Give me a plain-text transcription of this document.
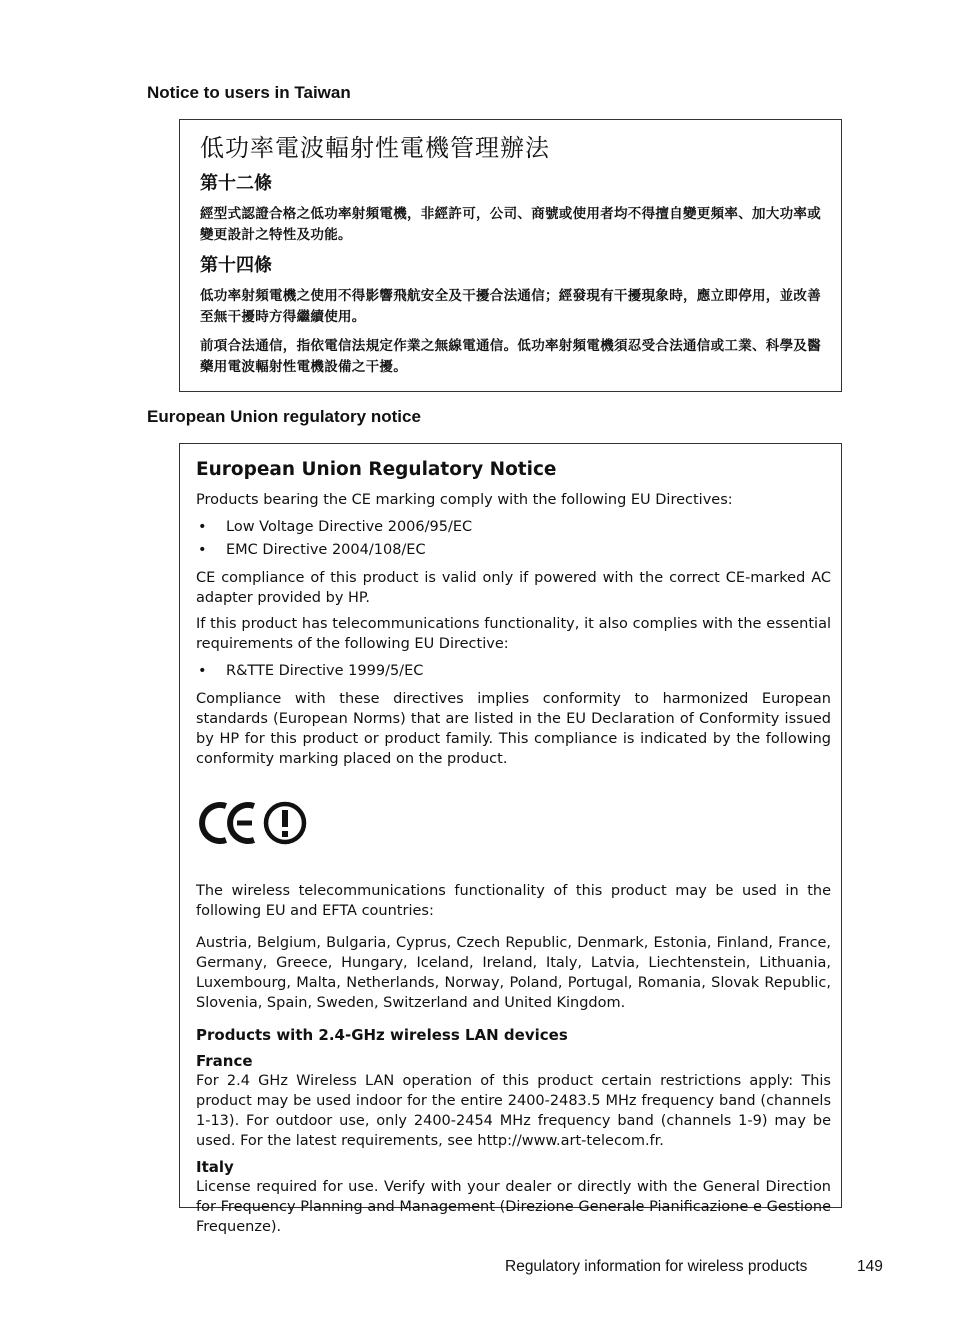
Notice to users in Taiwan
低功率電波輻射性電機管理辦法
第十二條
經型式認證合格之低功率射頻電機，非經許可，公司、商號或使用者均不得擅自變更頻率、加大功率或變更設計之特性及功能。
第十四條
低功率射頻電機之使用不得影響飛航安全及干擾合法通信；經發現有干擾現象時，應立即停用，並改善至無干擾時方得繼續使用。
前項合法通信，指依電信法規定作業之無線電通信。低功率射頻電機須忍受合法通信或工業、科學及醫藥用電波輻射性電機設備之干擾。
European Union regulatory notice
European Union Regulatory Notice

Products bearing the CE marking comply with the following EU Directives:

• Low Voltage Directive 2006/95/EC
• EMC Directive 2004/108/EC

CE compliance of this product is valid only if powered with the correct CE-marked AC adapter provided by HP.

If this product has telecommunications functionality, it also complies with the essential requirements of the following EU Directive:

• R&TTE Directive 1999/5/EC

Compliance with these directives implies conformity to harmonized European standards (European Norms) that are listed in the EU Declaration of Conformity issued by HP for this product or product family. This compliance is indicated by the following conformity marking placed on the product.

The wireless telecommunications functionality of this product may be used in the following EU and EFTA countries:

Austria, Belgium, Bulgaria, Cyprus, Czech Republic, Denmark, Estonia, Finland, France, Germany, Greece, Hungary, Iceland, Ireland, Italy, Latvia, Liechtenstein, Lithuania, Luxembourg, Malta, Netherlands, Norway, Poland, Portugal, Romania, Slovak Republic, Slovenia, Spain, Sweden, Switzerland and United Kingdom.

Products with 2.4-GHz wireless LAN devices

France

For 2.4 GHz Wireless LAN operation of this product certain restrictions apply: This product may be used indoor for the entire 2400-2483.5 MHz frequency band (channels 1-13). For outdoor use, only 2400-2454 MHz frequency band (channels 1-9) may be used. For the latest requirements, see http://www.art-telecom.fr.

Italy

License required for use. Verify with your dealer or directly with the General Direction for Frequency Planning and Management (Direzione Generale Pianificazione e Gestione Frequenze).

Regulatory information for wireless products	149
